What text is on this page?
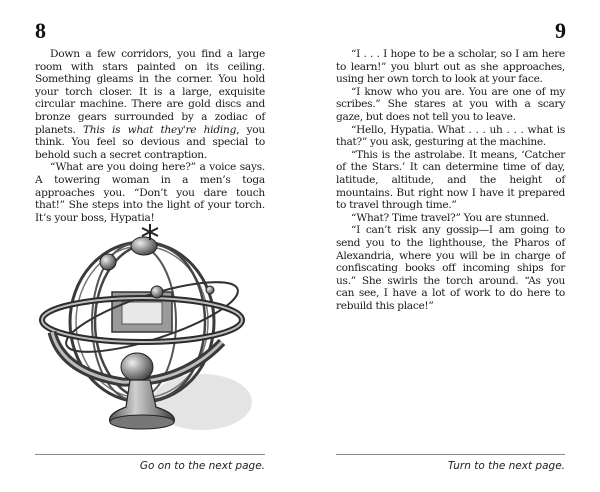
8

Down a few corridors, you find a large room with stars painted on its ceiling. Something gleams in the corner. You hold your torch closer. It is a large, exquisite circular machine. There are gold discs and bronze gears surrounded by a zodiac of planets. This is what they're hiding, you think. You feel so devious and special to behold such a secret contraption.

“What are you doing here?” a voice says. A towering woman in a men’s toga approaches you. “Don’t you dare touch that!” She steps into the light of your torch. It’s your boss, Hypatia!

Go on to the next page.
9

“I . . . I hope to be a scholar, so I am here to learn!” you blurt out as she approaches, using her own torch to look at your face.

“I know who you are. You are one of my scribes.” She stares at you with a scary gaze, but does not tell you to leave.

“Hello, Hypatia. What . . . uh . . . what is that?” you ask, gesturing at the machine.

“This is the astrolabe. It means, ‘Catcher of the Stars.’ It can determine time of day, latitude, altitude, and the height of mountains. But right now I have it prepared to travel through time.”

“What? Time travel?” You are stunned.

“I can’t risk any gossip—I am going to send you to the lighthouse, the Pharos of Alexandria, where you will be in charge of confiscating books off incoming ships for us.” She swirls the torch around. “As you can see, I have a lot of work to do here to rebuild this place!”

Turn to the next page.
